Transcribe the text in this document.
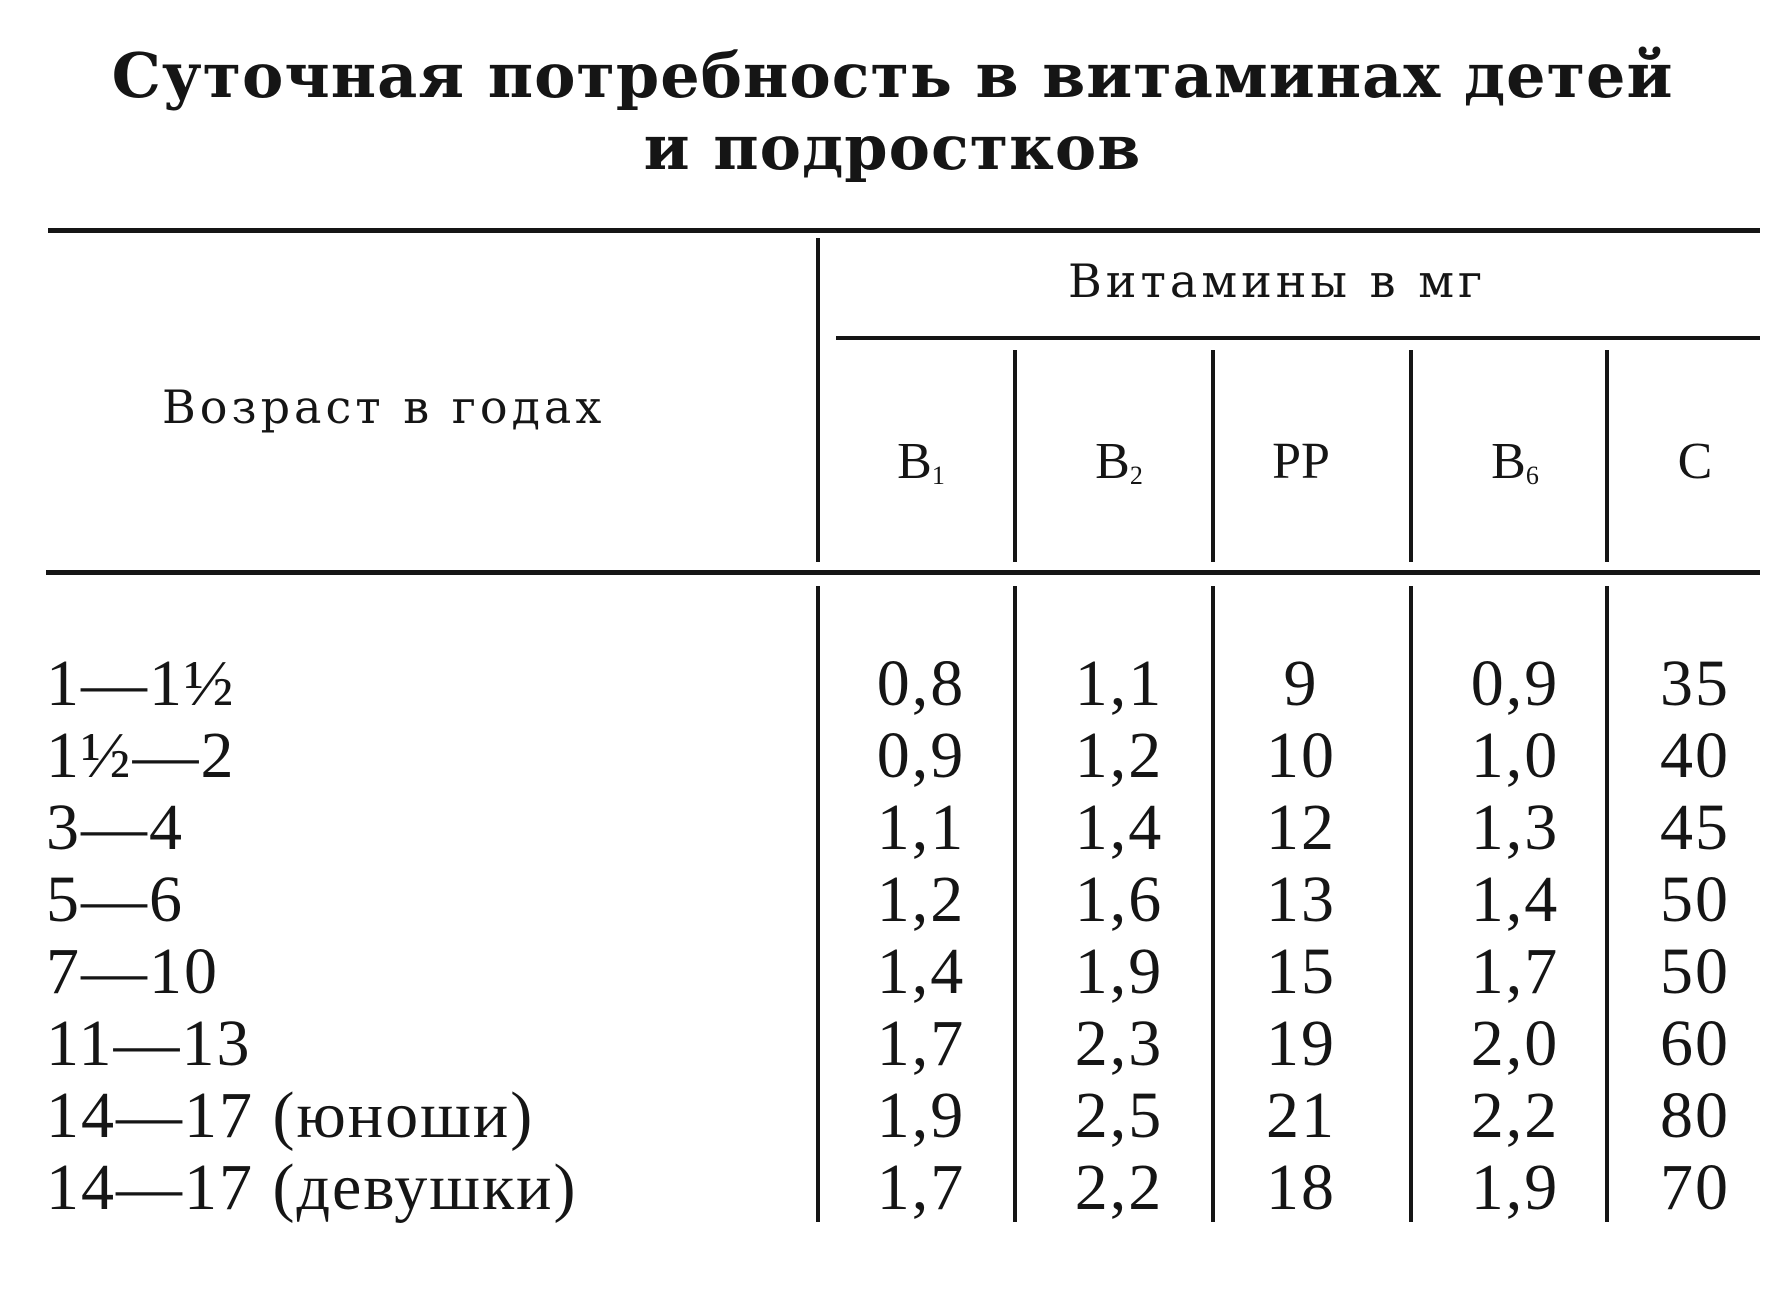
Суточная потребность в витаминах детей
и подростков
Возраст в годах
Витамины в мг
$B_1$	$B_2$	PP	$B_6$	C
1—1½	0,8	1,1	9	0,9	35
1½—2	0,9	1,2	10	1,0	40
3—4	1,1	1,4	12	1,3	45
5—6	1,2	1,6	13	1,4	50
7—10	1,4	1,9	15	1,7	50
11—13	1,7	2,3	19	2,0	60
14—17 (юноши)	1,9	2,5	21	2,2	80
14—17 (девушки)	1,7	2,2	18	1,9	70
